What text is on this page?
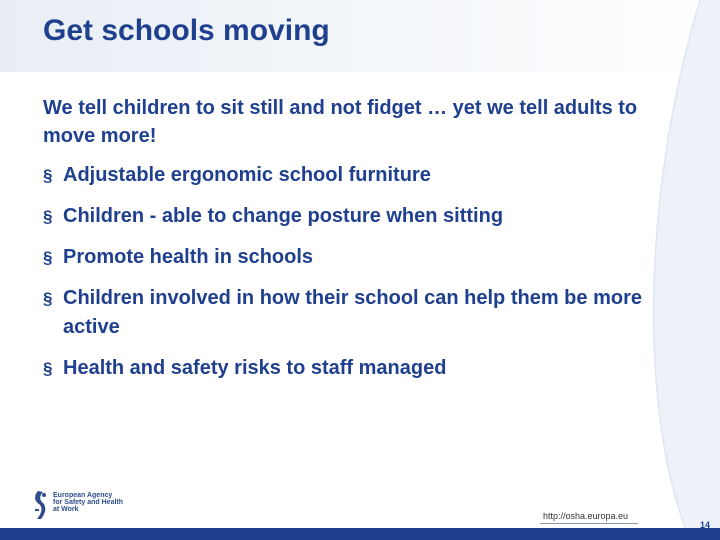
Get schools moving
We tell children to sit still and not fidget … yet we tell adults to move more!
§ Adjustable ergonomic school furniture
§ Children - able to change posture when sitting
§ Promote health in schools
§ Children involved in how their school can help them be more active
§ Health and safety risks to staff managed
European Agency for Safety and Health at Work
http://osha.europa.eu
14
